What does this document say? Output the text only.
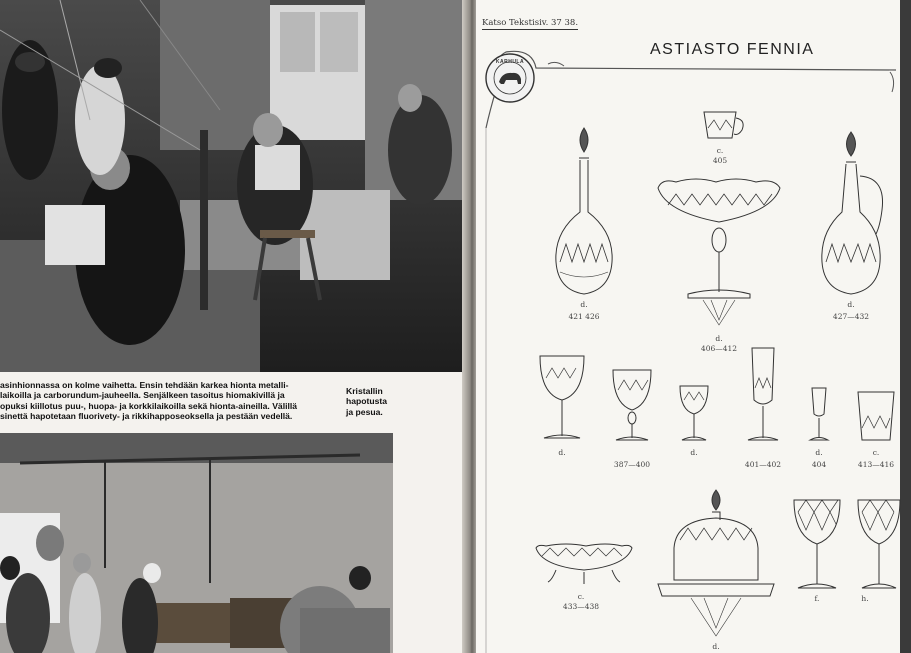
asinhionnassa on kolme vaihetta. Ensin tehdään karkea hionta metalli-
laikoilla ja carborundum-jauheella. Senjälkeen tasoitus hiomakivillä ja
opuksi kiillotus puu-, huopa- ja korkkilaikoilla sekä hionta-aineilla. Välillä
sinettä hapotetaan fluorivety- ja rikkihapposeoksella ja pestään vedellä.
Kristallin
hapotusta
ja pesua.
Katso Tekstisiv. 37 38.
ASTIASTO FENNIA
KARHULA
c.
405
d.
421 426
d.
406—412
d.
427—432
d.
387—400
d.
401—402
d.
404
c.
413—416
c.
433—438
d.
f.	h.
